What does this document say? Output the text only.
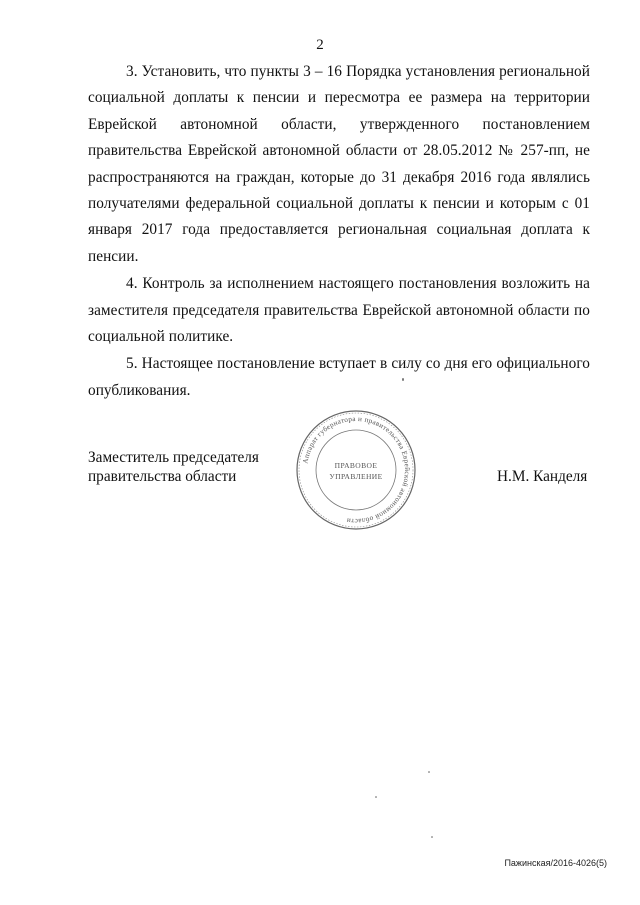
2

3. Установить, что пункты 3 – 16 Порядка установления региональной социальной доплаты к пенсии и пересмотра ее размера на территории Еврейской автономной области, утвержденного постановлением правительства Еврейской автономной области от 28.05.2012 № 257-пп, не распространяются на граждан, которые до 31 декабря 2016 года являлись получателями федеральной социальной доплаты к пенсии и которым с 01 января 2017 года предоставляется региональная социальная доплата к пенсии.

4. Контроль за исполнением настоящего постановления возложить на заместителя председателя правительства Еврейской автономной области по социальной политике.

5. Настоящее постановление вступает в силу со дня его официального опубликования.

Заместитель председателя
правительства области
Аппарат губернатора и правительства Еврейской автономной области
ПРАВОВОЕ
УПРАВЛЕНИЕ	Н.М. Канделя
Пажинская/2016-4026(5)
